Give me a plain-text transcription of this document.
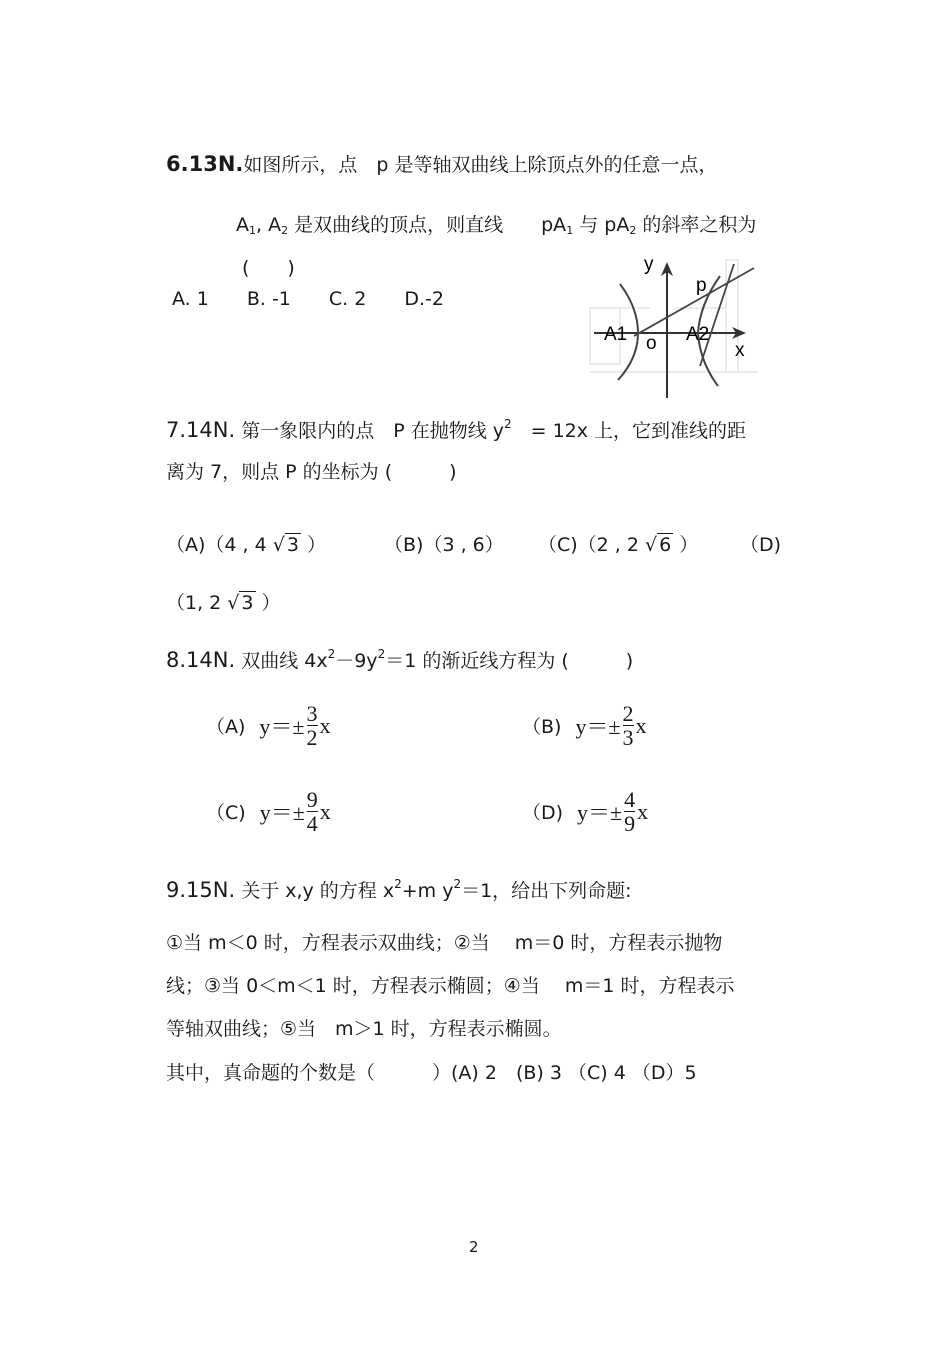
6.13N.如图所示，点　p 是等轴双曲线上除顶点外的任意一点，
$A_1$, $A_2$ 是双曲线的顶点，则直线　　$pA_1$ 与 $pA_2$ 的斜率之积为
(　　)
A. 1　　B. -1　　C. 2　　D.-2
y
x
p
A1	A2
o
7.14N. 第一象限内的点　P 在抛物线 $y^2$　= 12x 上，它到准线的距
离为 7，则点 P 的坐标为 (　　　)
（A)（4 , 4 √ 3 ）	（B)（3 , 6） （C)（2 , 2 √ 6 ） （D)
（1, 2 √ 3 ）
8.14N. 双曲线 $4x^2-9y^2=1$ 的渐近线方程为 (　　　)
（A) $y=\pm \frac{3}{2}$ x	（B) $y=\pm \frac{2}{3}$ x
（C) $y=\pm \frac{9}{4}$ x	（D) $y=\pm \frac{4}{9}$ x
9.15N. 关于 x,y 的方程 $x^2+m$ $y^2=1$，给出下列命题:
①当 m＜0 时，方程表示双曲线；②当　 m＝0 时，方程表示抛物
线；③当 0＜m＜1 时，方程表示椭圆；④当　 m＝1 时，方程表示
等轴双曲线；⑤当　m＞1 时，方程表示椭圆。
其中，真命题的个数是（　　　）(A) 2　(B) 3 （C) 4 （D）5
2
